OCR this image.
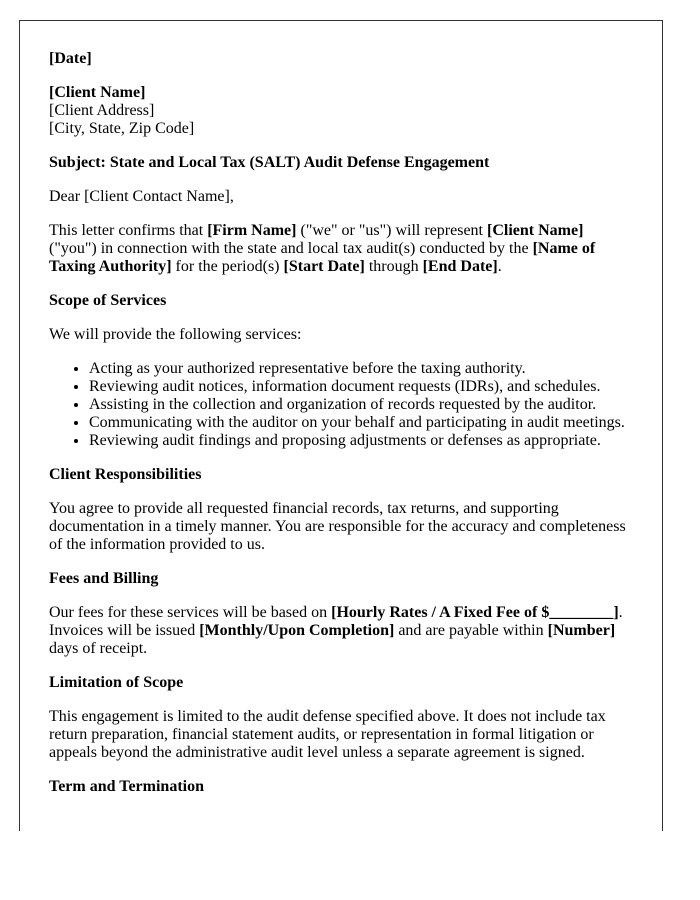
[Date]

[Client Name]
[Client Address]
[City, State, Zip Code]

Subject: State and Local Tax (SALT) Audit Defense Engagement

Dear [Client Contact Name],

This letter confirms that [Firm Name] ("we" or "us") will represent [Client Name] ("you") in connection with the state and local tax audit(s) conducted by the [Name of Taxing Authority] for the period(s) [Start Date] through [End Date].

Scope of Services

We will provide the following services:

• Acting as your authorized representative before the taxing authority.
• Reviewing audit notices, information document requests (IDRs), and schedules.
• Assisting in the collection and organization of records requested by the auditor.
• Communicating with the auditor on your behalf and participating in audit meetings.
• Reviewing audit findings and proposing adjustments or defenses as appropriate.

Client Responsibilities

You agree to provide all requested financial records, tax returns, and supporting documentation in a timely manner. You are responsible for the accuracy and completeness of the information provided to us.

Fees and Billing

Our fees for these services will be based on [Hourly Rates / A Fixed Fee of $________]. Invoices will be issued [Monthly/Upon Completion] and are payable within [Number] days of receipt.

Limitation of Scope

This engagement is limited to the audit defense specified above. It does not include tax return preparation, financial statement audits, or representation in formal litigation or appeals beyond the administrative audit level unless a separate agreement is signed.

Term and Termination
